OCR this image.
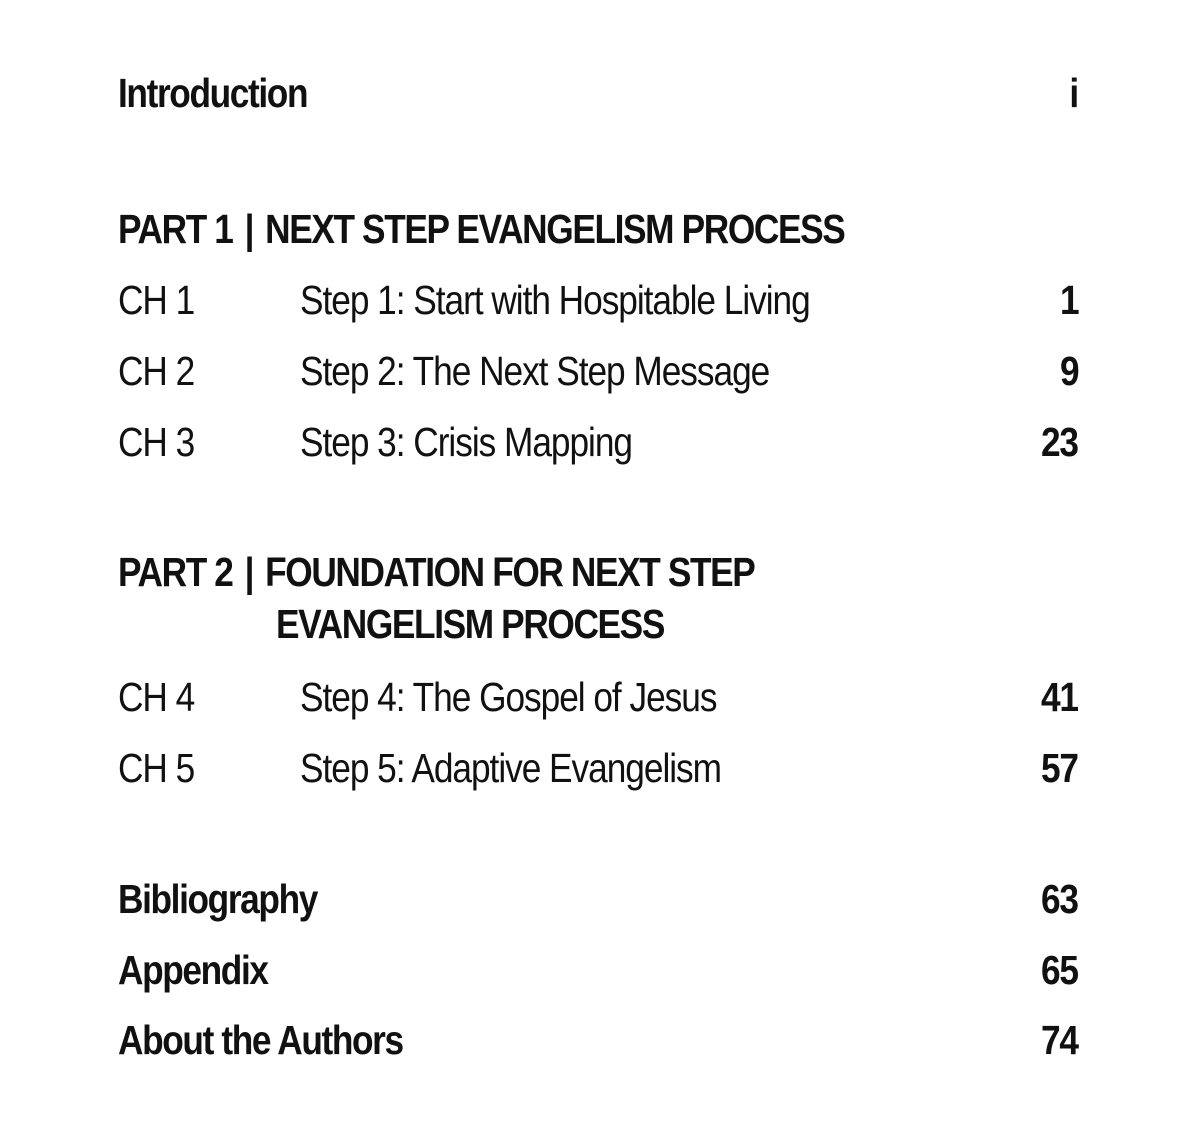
Introduction	i
PART 1 | NEXT STEP EVANGELISM PROCESS
CH 1	Step 1: Start with Hospitable Living	1
CH 2	Step 2: The Next Step Message	9
CH 3	Step 3: Crisis Mapping	23
PART 2 | FOUNDATION FOR NEXT STEP
EVANGELISM PROCESS
CH 4	Step 4: The Gospel of Jesus	41
CH 5	Step 5: Adaptive Evangelism	57
Bibliography	63
Appendix	65
About the Authors	74
